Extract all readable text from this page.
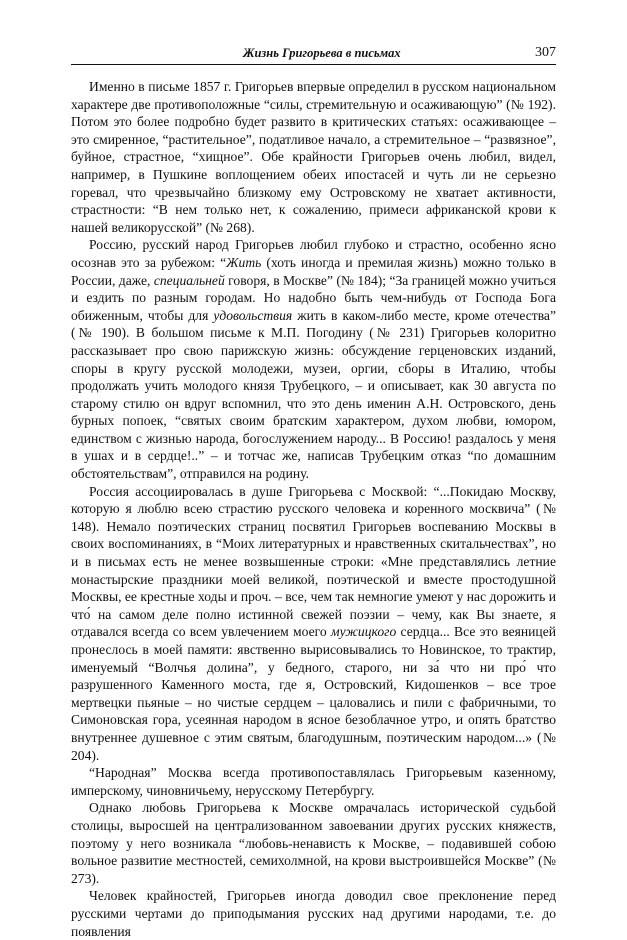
Жизнь Григорьева в письмах	307

Именно в письме 1857 г. Григорьев впервые определил в русском национальном характере две противоположные “силы, стремительную и осаживающую” (№ 192). Потом это более подробно будет развито в критических статьях: осаживающее – это смиренное, “растительное”, податливое начало, а стремительное – “развязное”, буйное, страстное, “хищное”. Обе крайности Григорьев очень любил, видел, например, в Пушкине воплощением обеих ипостасей и чуть ли не серьезно горевал, что чрезвычайно близкому ему Островскому не хватает активности, страстности: “В нем только нет, к сожалению, примеси африканской крови к нашей великорусской” (№ 268).

Россию, русский народ Григорьев любил глубоко и страстно, особенно ясно осознав это за рубежом: “Жить (хоть иногда и премилая жизнь) можно только в России, даже, специальней говоря, в Москве” (№ 184); “За границей можно учиться и ездить по разным городам. Но надобно быть чем-нибудь от Господа Бога обиженным, чтобы для удовольствия жить в каком-либо месте, кроме отечества” (№ 190). В большом письме к М.П. Погодину (№ 231) Григорьев колоритно рассказывает про свою парижскую жизнь: обсуждение герценовских изданий, споры в кругу русской молодежи, музеи, оргии, сборы в Италию, чтобы продолжать учить молодого князя Трубецкого, – и описывает, как 30 августа по старому стилю он вдруг вспомнил, что это день именин А.Н. Островского, день бурных попоек, “святых своим братским характером, духом любви, юмором, единством с жизнью народа, богослужением народу... В Россию! раздалось у меня в ушах и в сердце!..” – и тотчас же, написав Трубецким отказ “по домашним обстоятельствам”, отправился на родину.

Россия ассоциировалась в душе Григорьева с Москвой: “...Покидаю Москву, которую я люблю всею страстию русского человека и коренного москвича” (№ 148). Немало поэтических страниц посвятил Григорьев воспеванию Москвы в своих воспоминаниях, в “Моих литературных и нравственных скитальчествах”, но и в письмах есть не менее возвышенные строки: «Мне представлялись летние монастырские праздники моей великой, поэтической и вместе простодушной Москвы, ее крестные ходы и проч. – все, чем так немногие умеют у нас дорожить и что́ на самом деле полно истинной свежей поэзии – чему, как Вы знаете, я отдавался всегда со всем увлечением моего мужицкого сердца... Все это веяницей пронеслось в моей памяти: явственно вырисовывались то Новинское, то трактир, именуемый “Волчья долина”, у бедного, старого, ни за́ что ни про́ что разрушенного Каменного моста, где я, Островский, Кидошенков – все трое мертвецки пьяные – но чистые сердцем – цаловались и пили с фабричными, то Симоновская гора, усеянная народом в ясное безоблачное утро, и опять братство внутреннее душевное с этим святым, благодушным, поэтическим народом...» (№ 204).

“Народная” Москва всегда противопоставлялась Григорьевым казенному, имперскому, чиновничьему, нерусскому Петербургу.

Однако любовь Григорьева к Москве омрачалась исторической судьбой столицы, выросшей на централизованном завоевании других русских княжеств, поэтому у него возникала “любовь-ненависть к Москве, – подавившей собою вольное развитие местностей, семихолмной, на крови выстроившейся Москве” (№ 273).

Человек крайностей, Григорьев иногда доводил свое преклонение перед русскими чертами до приподымания русских над другими народами, т.е. до появления
